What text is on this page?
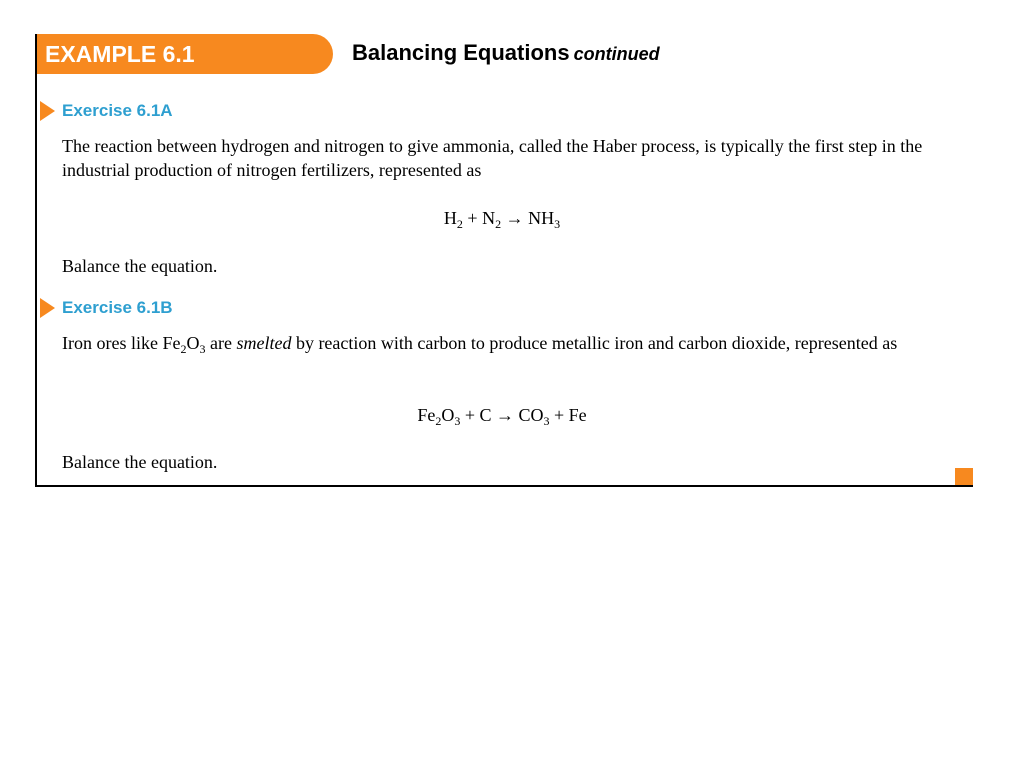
EXAMPLE 6.1	Balancing Equations continued
Exercise 6.1A
The reaction between hydrogen and nitrogen to give ammonia, called the Haber process, is typically the first step in the industrial production of nitrogen fertilizers, represented as
$H_2 + N_2 \to NH_3$
Balance the equation.
Exercise 6.1B
Iron ores like $Fe_2O_3$ are smelted by reaction with carbon to produce metallic iron and carbon dioxide, represented as
$Fe_2O_3 + C \to CO_3 + Fe$
Balance the equation.
